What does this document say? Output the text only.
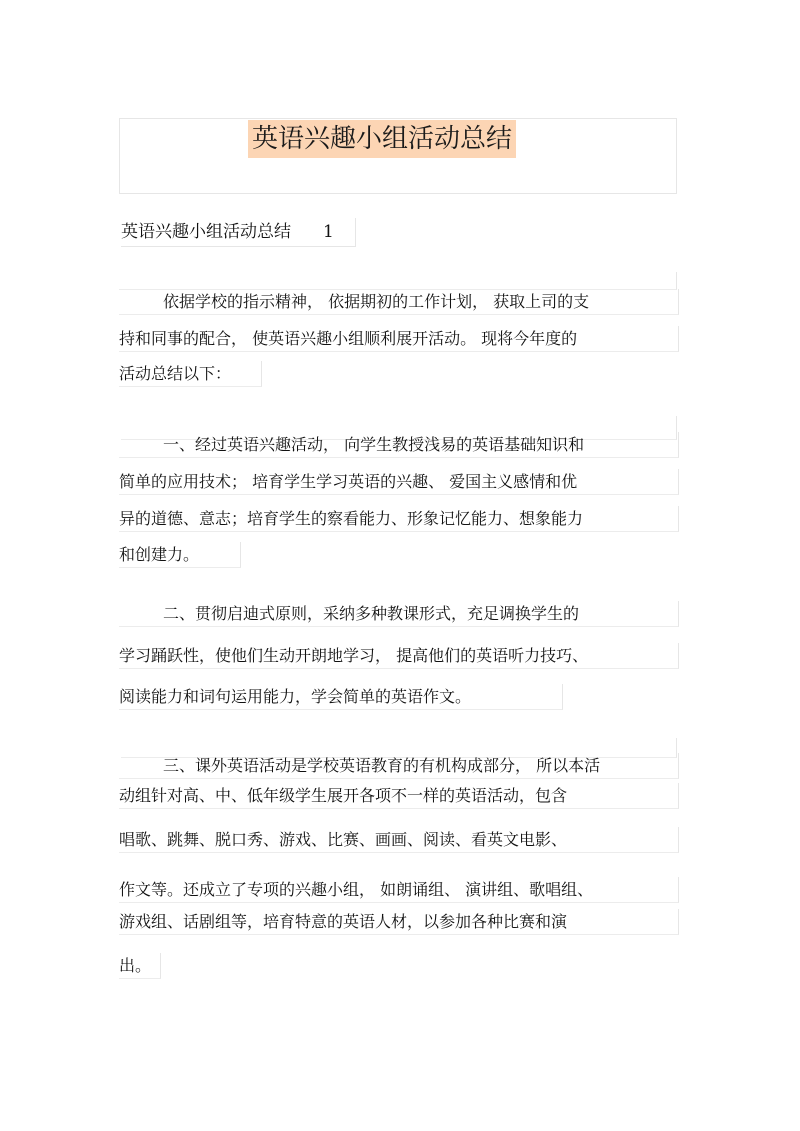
英语兴趣小组活动总结
英语兴趣小组活动总结 1
依据学校的指示精神， 依据期初的工作计划， 获取上司的支
持和同事的配合， 使英语兴趣小组顺利展开活动。 现将今年度的
活动总结以下：
一、经过英语兴趣活动， 向学生教授浅易的英语基础知识和
简单的应用技术； 培育学生学习英语的兴趣、 爱国主义感情和优
异的道德、意志；培育学生的察看能力、形象记忆能力、想象能力
和创建力。
二、贯彻启迪式原则，采纳多种教课形式，充足调换学生的
学习踊跃性，使他们生动开朗地学习， 提高他们的英语听力技巧、
阅读能力和词句运用能力，学会简单的英语作文。
三、课外英语活动是学校英语教育的有机构成部分， 所以本活
动组针对高、中、低年级学生展开各项不一样的英语活动，包含
唱歌、跳舞、脱口秀、游戏、比赛、画画、阅读、看英文电影、
作文等。还成立了专项的兴趣小组， 如朗诵组、 演讲组、歌唱组、
游戏组、话剧组等，培育特意的英语人材，以参加各种比赛和演
出。
